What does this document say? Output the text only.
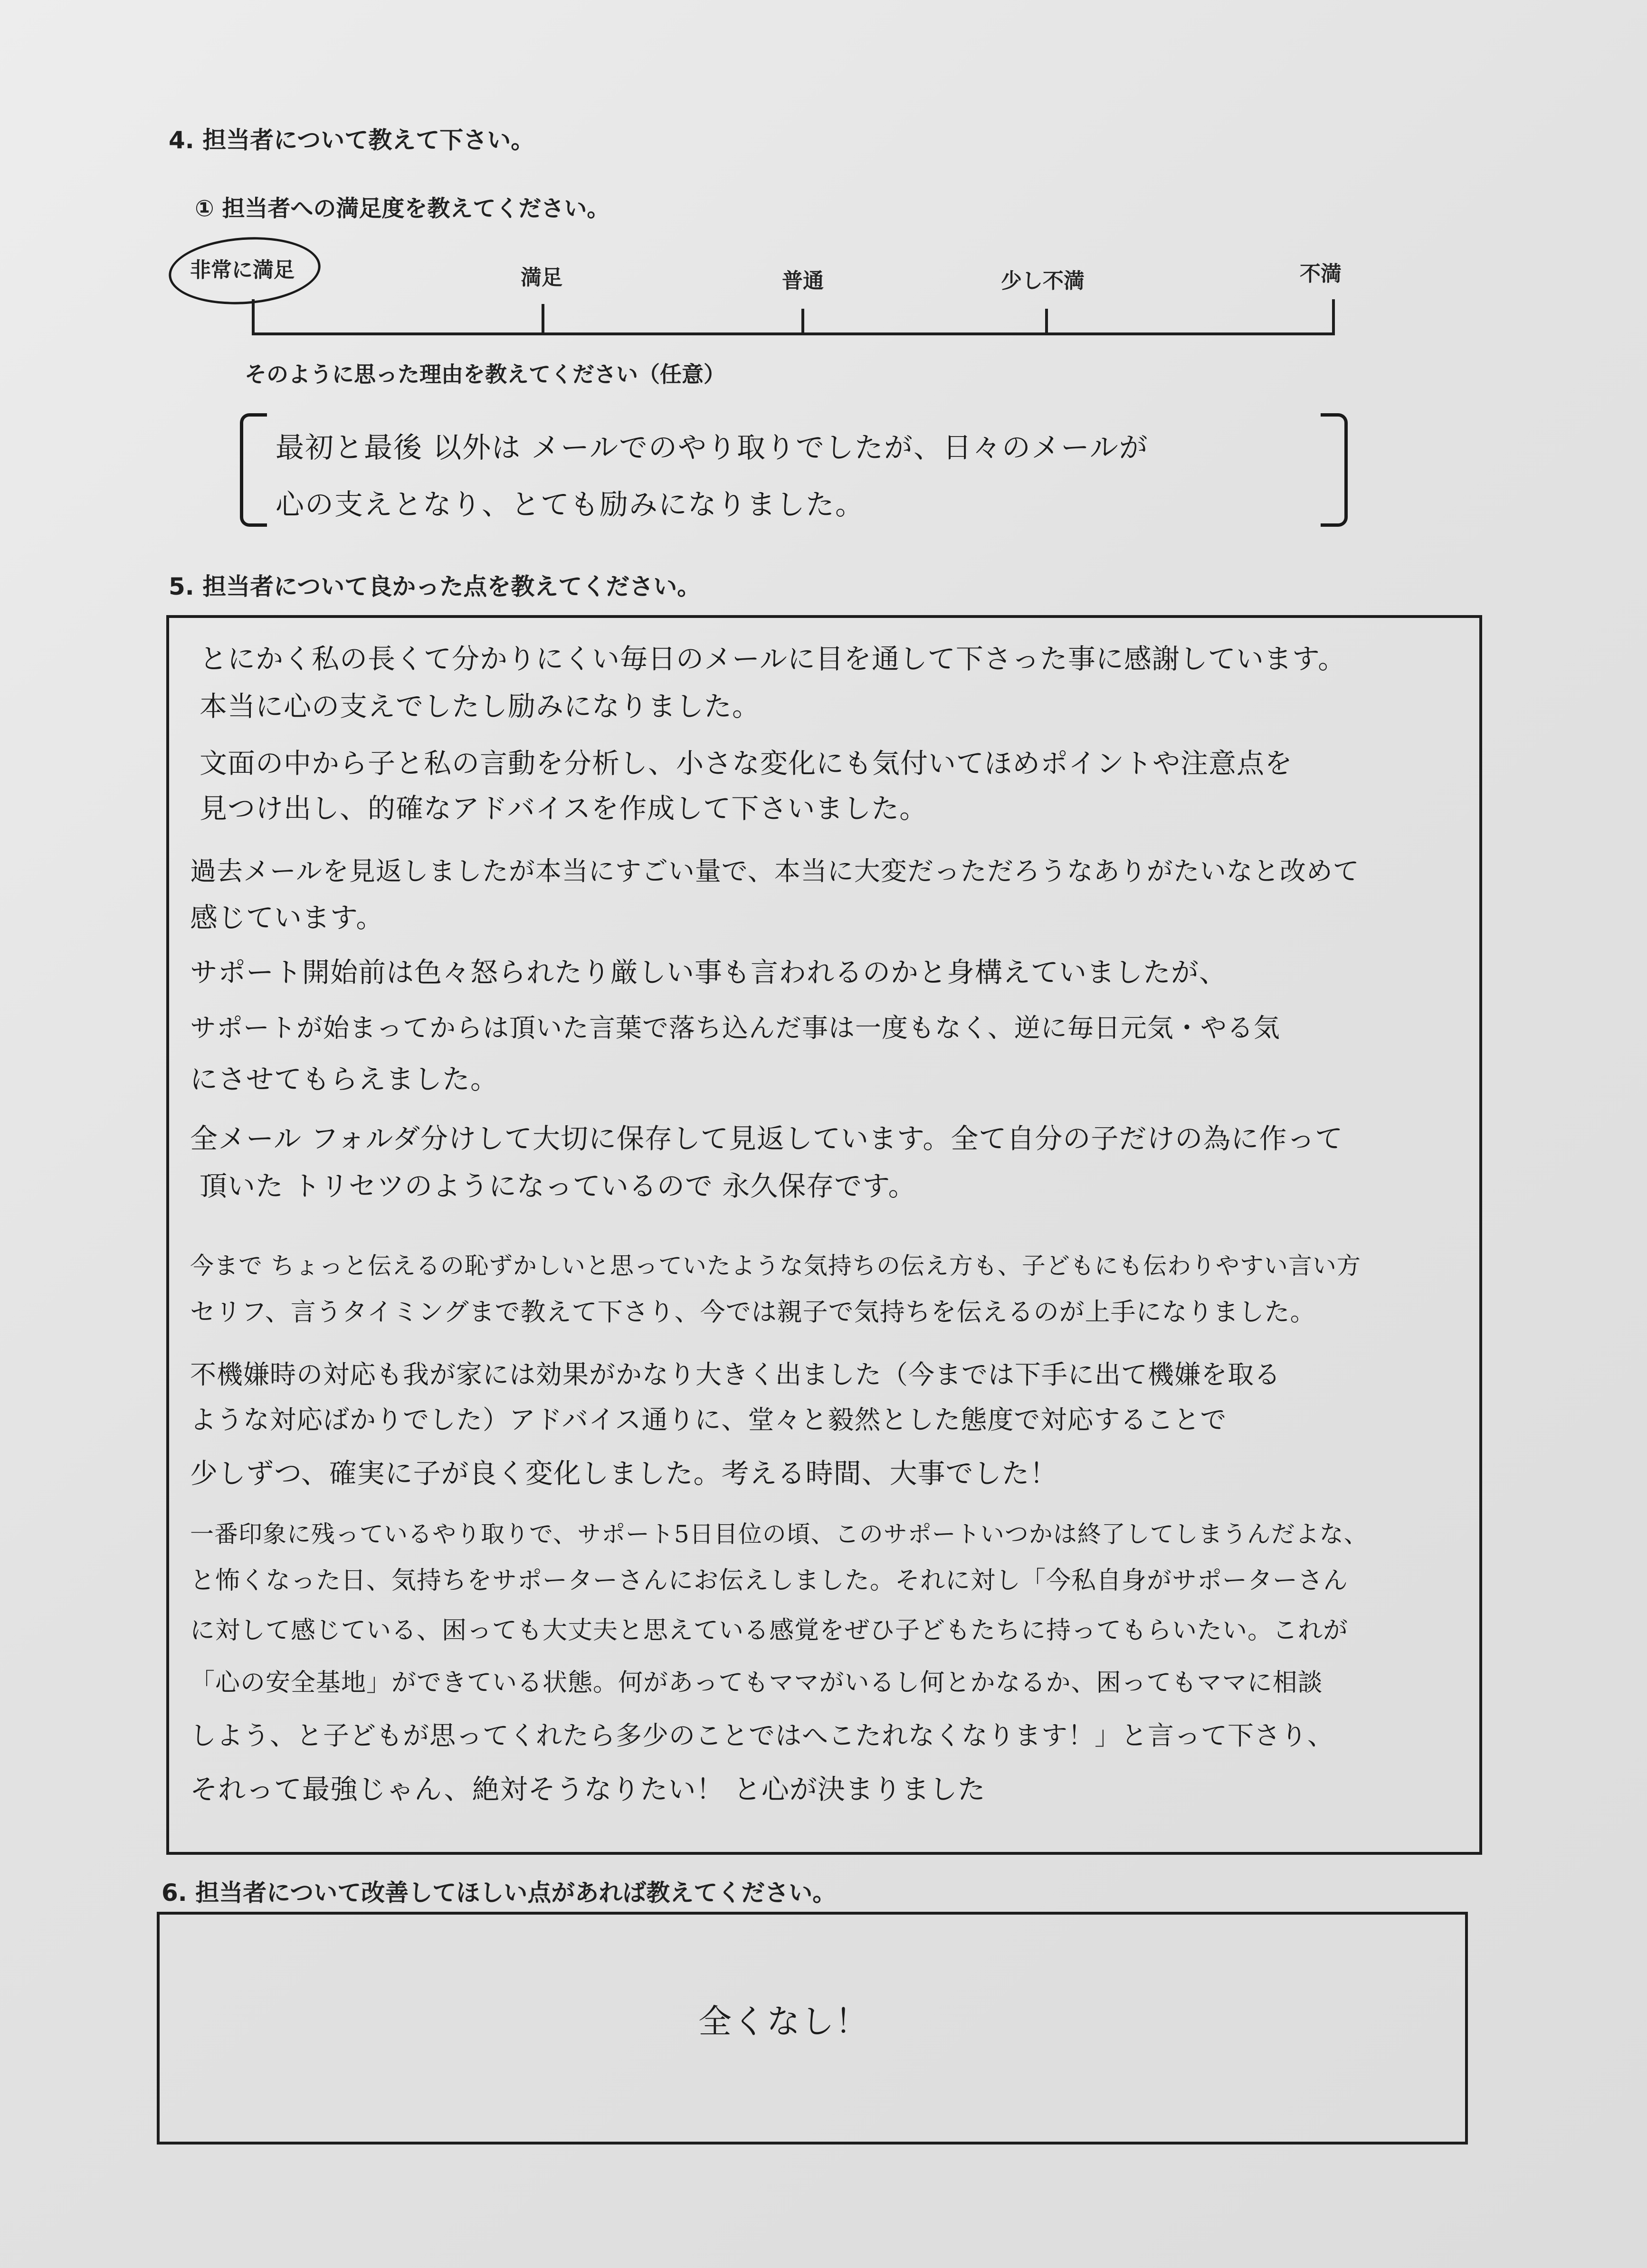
4. 担当者について教えて下さい。
① 担当者への満足度を教えてください。
非常に満足	満足	普通	少し不満	不満
そのように思った理由を教えてください（任意）
最初と最後 以外は メールでのやり取りでしたが、日々のメールが
心の支えとなり、とても励みになりました。
5. 担当者について良かった点を教えてください。
とにかく私の長くて分かりにくい毎日のメールに目を通して下さった事に感謝しています。
本当に心の支えでしたし励みになりました。
文面の中から子と私の言動を分析し、小さな変化にも気付いてほめポイントや注意点を
見つけ出し、的確なアドバイスを作成して下さいました。
過去メールを見返しましたが本当にすごい量で、本当に大変だっただろうなありがたいなと改めて
感じています。
サポート開始前は色々怒られたり厳しい事も言われるのかと身構えていましたが、
サポートが始まってからは頂いた言葉で落ち込んだ事は一度もなく、逆に毎日元気・やる気
にさせてもらえました。
全メール フォルダ分けして大切に保存して見返しています。全て自分の子だけの為に作って
頂いた トリセツのようになっているので 永久保存です。
今まで ちょっと伝えるの恥ずかしいと思っていたような気持ちの伝え方も、子どもにも伝わりやすい言い方
セリフ、言うタイミングまで教えて下さり、今では親子で気持ちを伝えるのが上手になりました。
不機嫌時の対応も我が家には効果がかなり大きく出ました（今までは下手に出て機嫌を取る
ような対応ばかりでした）アドバイス通りに、堂々と毅然とした態度で対応することで
少しずつ、確実に子が良く変化しました。考える時間、大事でした！
一番印象に残っているやり取りで、サポート5日目位の頃、このサポートいつかは終了してしまうんだよな、
と怖くなった日、気持ちをサポーターさんにお伝えしました。それに対し「今私自身がサポーターさん
に対して感じている、困っても大丈夫と思えている感覚をぜひ子どもたちに持ってもらいたい。これが
「心の安全基地」ができている状態。何があってもママがいるし何とかなるか、困ってもママに相談
しよう、と子どもが思ってくれたら多少のことではへこたれなくなります！」と言って下さり、
それって最強じゃん、絶対そうなりたい！ と心が決まりました
6. 担当者について改善してほしい点があれば教えてください。
全くなし！
